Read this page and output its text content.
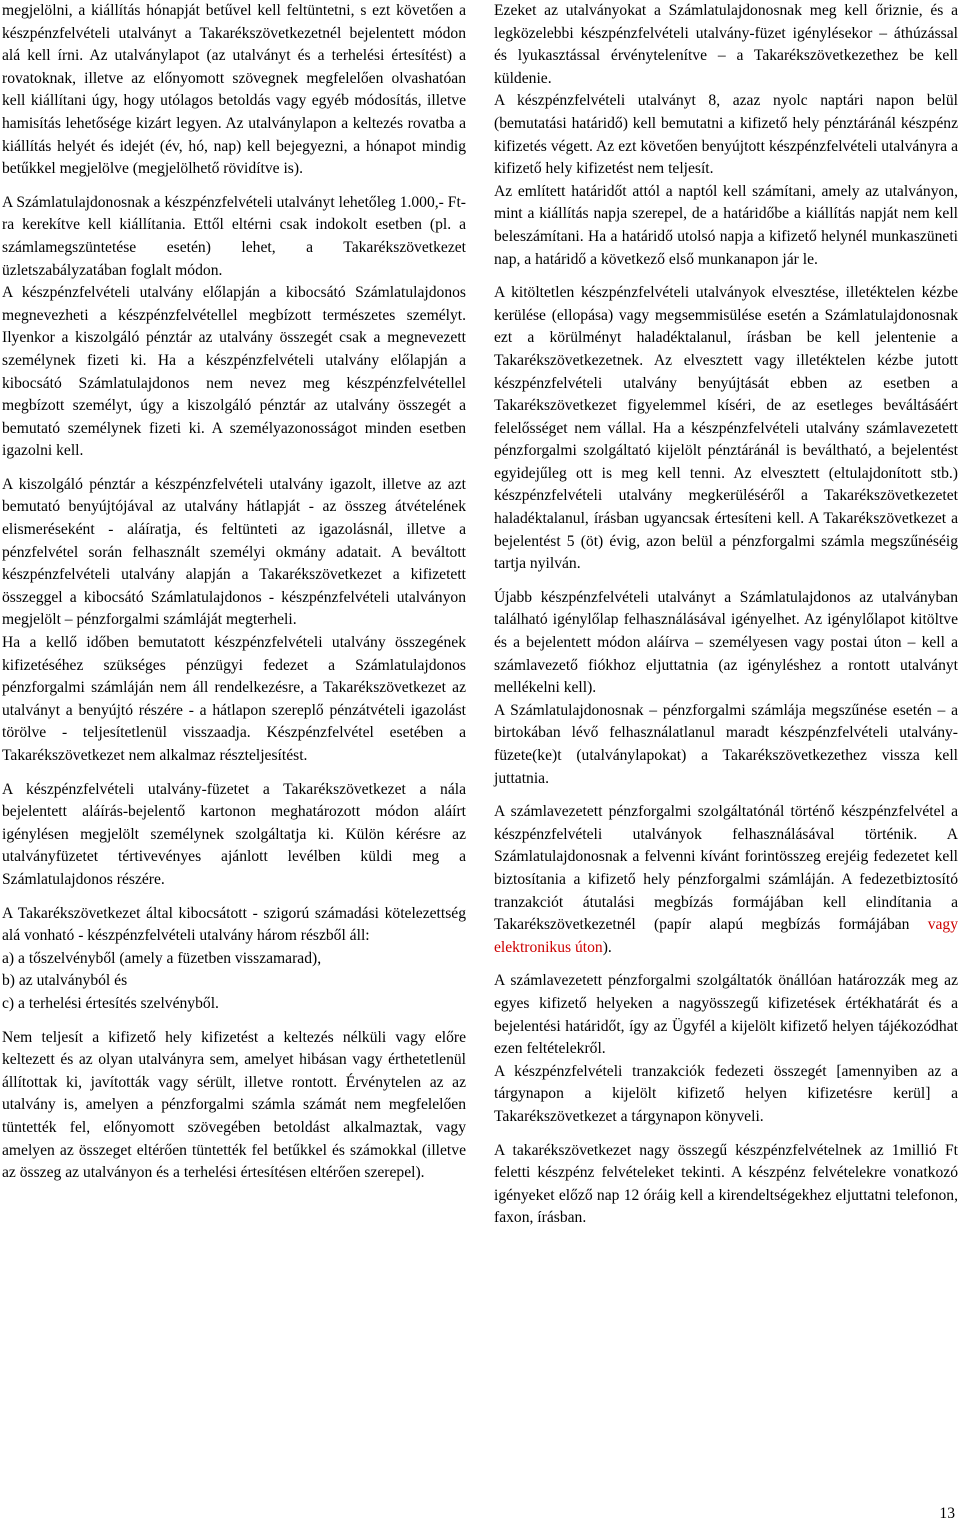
megjelölni, a kiállítás hónapját betűvel kell feltüntetni, s ezt követően a készpénzfelvételi utalványt a Takarékszövetkezetnél bejelentett módon alá kell írni. Az utalványlapot (az utalványt és a terhelési értesítést) a rovatoknak, illetve az előnyomott szövegnek megfelelően olvashatóan kell kiállítani úgy, hogy utólagos betoldás vagy egyéb módosítás, illetve hamisítás lehetősége kizárt legyen. Az utalványlapon a keltezés rovatba a kiállítás helyét és idejét (év, hó, nap) kell bejegyezni, a hónapot mindig betűkkel megjelölve (megjelölhető rövidítve is).

A Számlatulajdonosnak a készpénzfelvételi utalványt lehetőleg 1.000,- Ft-ra kerekítve kell kiállítania. Ettől eltérni csak indokolt esetben (pl. a számlamegszüntetése esetén) lehet, a Takarékszövetkezet üzletszabályzatában foglalt módon.

A készpénzfelvételi utalvány előlapján a kibocsátó Számlatulajdonos megnevezheti a készpénzfelvétellel megbízott természetes személyt. Ilyenkor a kiszolgáló pénztár az utalvány összegét csak a megnevezett személynek fizeti ki. Ha a készpénzfelvételi utalvány előlapján a kibocsátó Számlatulajdonos nem nevez meg készpénzfelvétellel megbízott személyt, úgy a kiszolgáló pénztár az utalvány összegét a bemutató személynek fizeti ki. A személyazonosságot minden esetben igazolni kell.

A kiszolgáló pénztár a készpénzfelvételi utalvány igazolt, illetve az azt bemutató benyújtójával az utalvány hátlapját - az összeg átvételének elismeréseként - aláíratja, és feltünteti az igazolásnál, illetve a pénzfelvétel során felhasznált személyi okmány adatait. A beváltott készpénzfelvételi utalvány alapján a Takarékszövetkezet a kifizetett összeggel a kibocsátó Számlatulajdonos - készpénzfelvételi utalványon megjelölt – pénzforgalmi számláját megterheli.

Ha a kellő időben bemutatott készpénzfelvételi utalvány összegének kifizetéséhez szükséges pénzügyi fedezet a Számlatulajdonos pénzforgalmi számláján nem áll rendelkezésre, a Takarékszövetkezet az utalványt a benyújtó részére - a hátlapon szereplő pénzátvételi igazolást törölve - teljesítetlenül visszaadja. Készpénzfelvétel esetében a Takarékszövetkezet nem alkalmaz részteljesítést.

A készpénzfelvételi utalvány-füzetet a Takarékszövetkezet a nála bejelentett aláírás-bejelentő kartonon meghatározott módon aláírt igénylésen megjelölt személynek szolgáltatja ki. Külön kérésre az utalványfüzetet tértivevényes ajánlott levélben küldi meg a Számlatulajdonos részére.

A Takarékszövetkezet által kibocsátott - szigorú számadási kötelezettség alá vonható - készpénzfelvételi utalvány három részből áll:

a) a tőszelvényből (amely a füzetben visszamarad),

b) az utalványból és

c) a terhelési értesítés szelvényből.

Nem teljesít a kifizető hely kifizetést a keltezés nélküli vagy előre keltezett és az olyan utalványra sem, amelyet hibásan vagy érthetetlenül állítottak ki, javították vagy sérült, illetve rontott. Érvénytelen az az utalvány is, amelyen a pénzforgalmi számla számát nem megfelelően tüntették fel, előnyomott szövegében betoldást alkalmaztak, vagy amelyen az összeget eltérően tüntették fel betűkkel és számokkal (illetve az összeg az utalványon és a terhelési értesítésen eltérően szerepel).

Ezeket az utalványokat a Számlatulajdonosnak meg kell őriznie, és a legközelebbi készpénzfelvételi utalvány-füzet igénylésekor – áthúzással és lyukasztással érvénytelenítve – a Takarékszövetkezethez be kell küldenie.

A készpénzfelvételi utalványt 8, azaz nyolc naptári napon belül (bemutatási határidő) kell bemutatni a kifizető hely pénztáránál készpénz kifizetés végett. Az ezt követően benyújtott készpénzfelvételi utalványra a kifizető hely kifizetést nem teljesít.

Az említett határidőt attól a naptól kell számítani, amely az utalványon, mint a kiállítás napja szerepel, de a határidőbe a kiállítás napját nem kell beleszámítani. Ha a határidő utolsó napja a kifizető helynél munkaszüneti nap, a határidő a következő első munkanapon jár le.

A kitöltetlen készpénzfelvételi utalványok elvesztése, illetéktelen kézbe kerülése (ellopása) vagy megsemmisülése esetén a Számlatulajdonosnak ezt a körülményt haladéktalanul, írásban be kell jelentenie a Takarékszövetkezetnek. Az elvesztett vagy illetéktelen kézbe jutott készpénzfelvételi utalvány benyújtását ebben az esetben a Takarékszövetkezet figyelemmel kíséri, de az esetleges beváltásáért felelősséget nem vállal. Ha a készpénzfelvételi utalvány számlavezetett pénzforgalmi szolgáltató kijelölt pénztáránál is beváltható, a bejelentést egyidejűleg ott is meg kell tenni. Az elvesztett (eltulajdonított stb.) készpénzfelvételi utalvány megkerüléséről a Takarékszövetkezetet haladéktalanul, írásban ugyancsak értesíteni kell. A Takarékszövetkezet a bejelentést 5 (öt) évig, azon belül a pénzforgalmi számla megszűnéséig tartja nyilván.

Újabb készpénzfelvételi utalványt a Számlatulajdonos az utalványban található igénylőlap felhasználásával igényelhet. Az igénylőlapot kitöltve és a bejelentett módon aláírva – személyesen vagy postai úton – kell a számlavezető fiókhoz eljuttatnia (az igényléshez a rontott utalványt mellékelni kell).

A Számlatulajdonosnak – pénzforgalmi számlája megszűnése esetén – a birtokában lévő felhasználatlanul maradt készpénzfelvételi utalvány-füzete(ke)t (utalványlapokat) a Takarékszövetkezethez vissza kell juttatnia.

A számlavezetett pénzforgalmi szolgáltatónál történő készpénzfelvétel a készpénzfelvételi utalványok felhasználásával történik. A Számlatulajdonosnak a felvenni kívánt forintösszeg erejéig fedezetet kell biztosítania a kifizető hely pénzforgalmi számláján. A fedezetbiztosító tranzakciót átutalási megbízás formájában kell elindítania a Takarékszövetkezetnél (papír alapú megbízás formájában vagy elektronikus úton).

A számlavezetett pénzforgalmi szolgáltatók önállóan határozzák meg az egyes kifizető helyeken a nagyösszegű kifizetések értékhatárát és a bejelentési határidőt, így az Ügyfél a kijelölt kifizető helyen tájékozódhat ezen feltételekről.

A készpénzfelvételi tranzakciók fedezeti összegét [amennyiben az a tárgynapon a kijelölt kifizető helyen kifizetésre kerül] a Takarékszövetkezet a tárgynapon könyveli.

A takarékszövetkezet nagy összegű készpénzfelvételnek az 1millió Ft feletti készpénz felvételeket tekinti. A készpénz felvételekre vonatkozó igényeket előző nap 12 óráig kell a kirendeltségekhez eljuttatni telefonon, faxon, írásban.

13
